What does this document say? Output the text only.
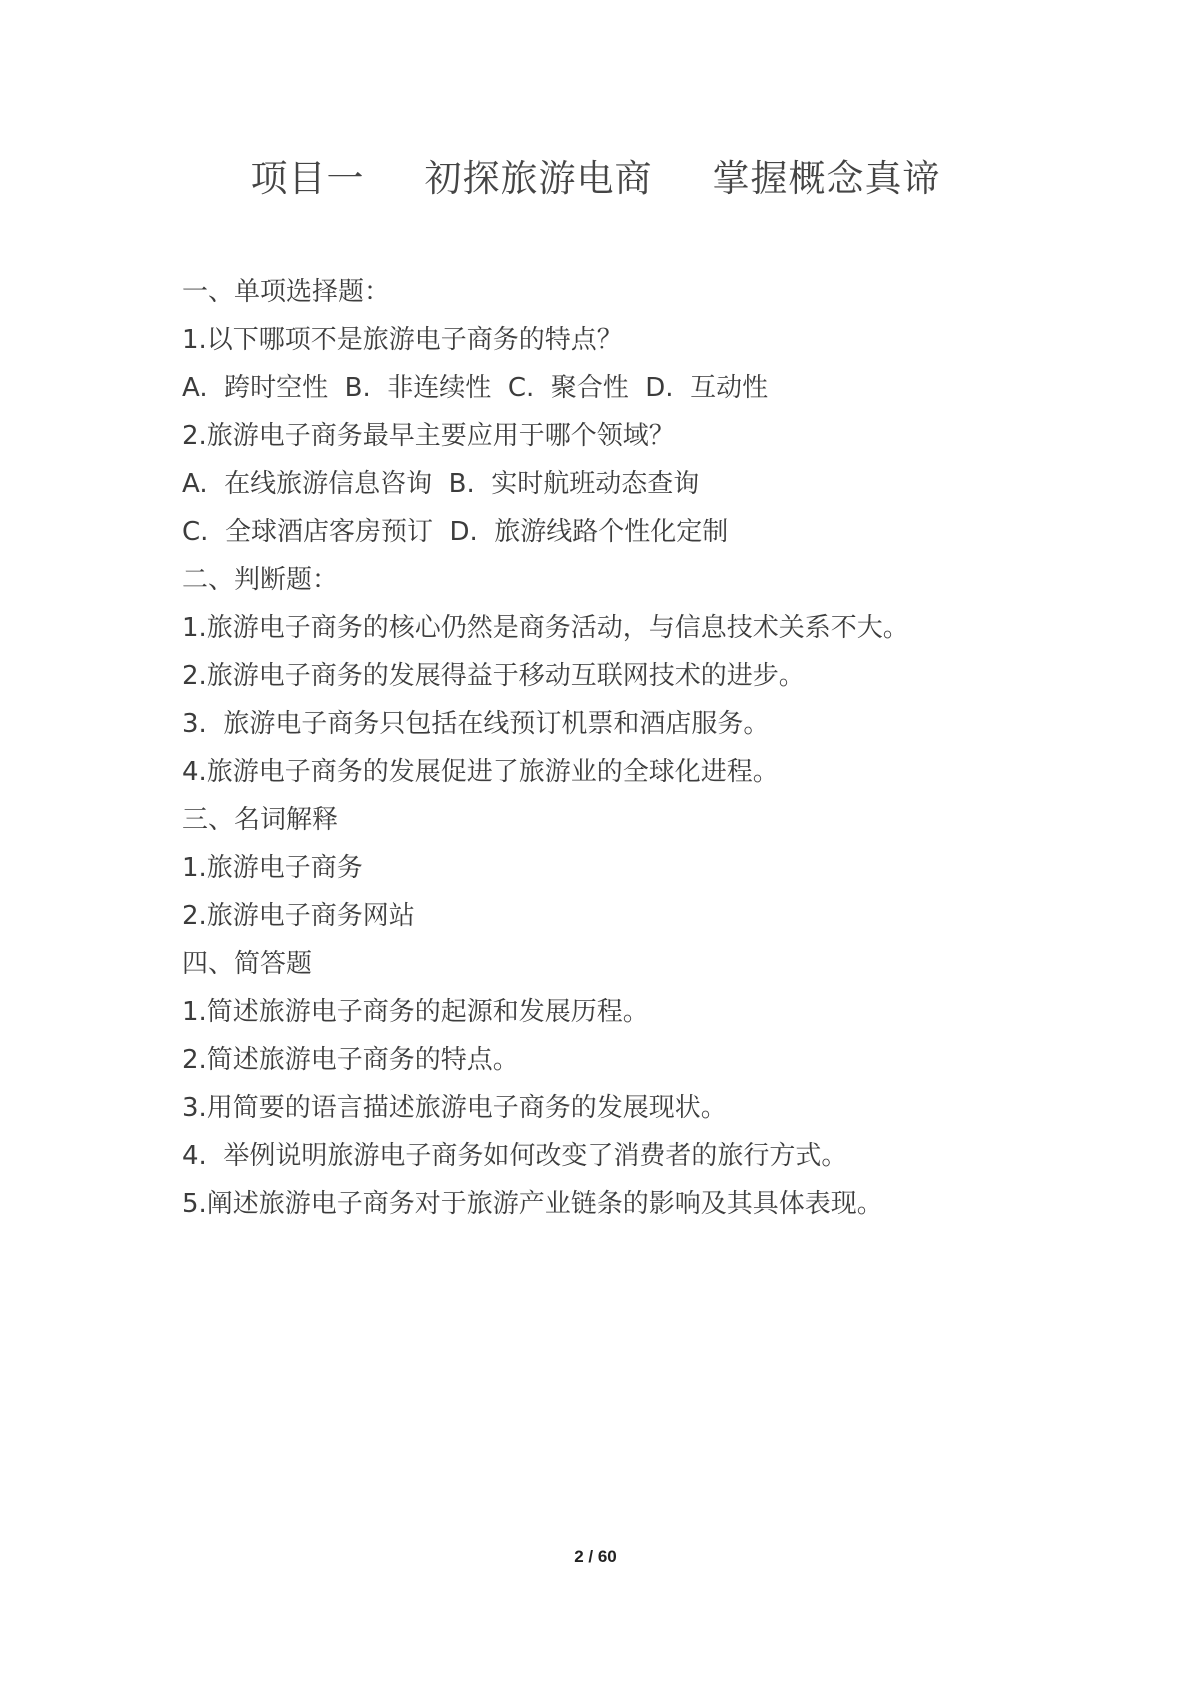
项目一 初探旅游电商 掌握概念真谛
一、单项选择题：
1.以下哪项不是旅游电子商务的特点？
A.  跨时空性  B.  非连续性  C.  聚合性  D.  互动性
2.旅游电子商务最早主要应用于哪个领域？
A.  在线旅游信息咨询  B.  实时航班动态查询
C.  全球酒店客房预订  D.  旅游线路个性化定制
二、判断题：
1.旅游电子商务的核心仍然是商务活动，与信息技术关系不大。
2.旅游电子商务的发展得益于移动互联网技术的进步。
3.  旅游电子商务只包括在线预订机票和酒店服务。
4.旅游电子商务的发展促进了旅游业的全球化进程。
三、名词解释
1.旅游电子商务
2.旅游电子商务网站
四、简答题
1.简述旅游电子商务的起源和发展历程。
2.简述旅游电子商务的特点。
3.用简要的语言描述旅游电子商务的发展现状。
4.  举例说明旅游电子商务如何改变了消费者的旅行方式。
5.阐述旅游电子商务对于旅游产业链条的影响及其具体表现。
2 / 60
